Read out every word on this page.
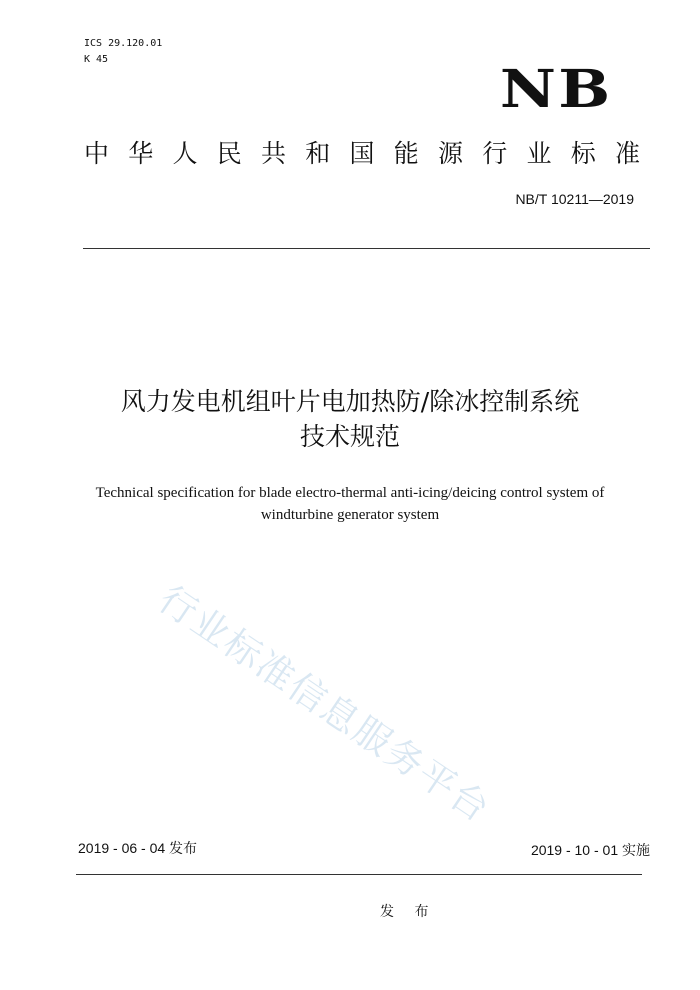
ICS 29.120.01
K 45	NB
中华人民共和国能源行业标准
NB/T 10211—2019
风力发电机组叶片电加热防/除冰控制系统
技术规范
Technical specification for blade electro-thermal anti-icing/deicing control system of
windturbine generator system
行业标准信息服务平台
2019 - 06 - 04 发布	2019 - 10 - 01 实施
发 布
